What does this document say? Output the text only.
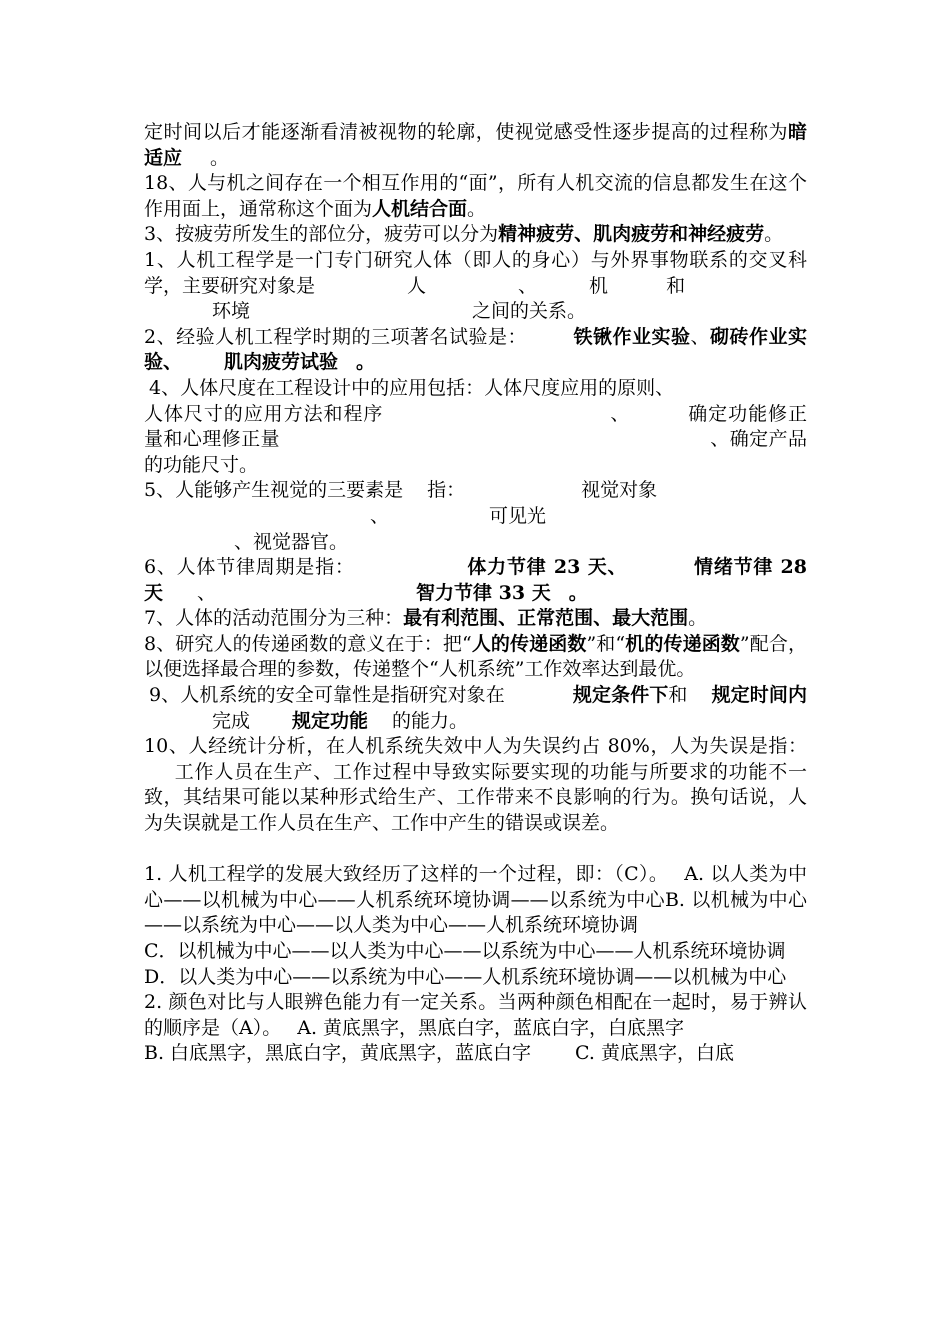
定时间以后才能逐渐看清被视物的轮廓，使视觉感受性逐步提高的过程称为暗适应 。

18、人与机之间存在一个相互作用的“面”，所有人机交流的信息都发生在这个作用面上，通常称这个面为人机结合面。

3、按疲劳所发生的部位分，疲劳可以分为精神疲劳、肌肉疲劳和神经疲劳。

1、人机工程学是一门专门研究人体（即人的身心）与外界事物联系的交叉科学，主要研究对象是	人	、	机	和
环境	之间的关系。

2、经验人机工程学时期的三项著名试验是： 铁锹作业实验、砌砖作业实验、 肌肉疲劳试验 。

4、人体尺度在工程设计中的应用包括：人体尺度应用的原则、
人体尺寸的应用方法和程序	、	确定功能修正量和心理修正量	、确定产品的功能尺寸。

5、人能够产生视觉的三要素是 指：	视觉对象
、	可见光
、视觉器官。

6、人体节律周期是指：	体力节律 23 天、	情绪节律 28 天 、	智力节律 33 天 。

7、人体的活动范围分为三种：最有利范围、正常范围、最大范围。

8、研究人的传递函数的意义在于：把“人的传递函数”和“机的传递函数”配合，以便选择最合理的参数，传递整个“人机系统”工作效率达到最优。

9、人机系统的安全可靠性是指研究对象在	规定条件下和 规定时间内完成 规定功能 的能力。

10、人经统计分析，在人机系统失效中人为失误约占 80%，人为失误是指：工作人员在生产、工作过程中导致实际要实现的功能与所要求的功能不一致，其结果可能以某种形式给生产、工作带来不良影响的行为。换句话说，人为失误就是工作人员在生产、工作中产生的错误或误差。

1. 人机工程学的发展大致经历了这样的一个过程，即：（C）。 A. 以人类为中心——以机械为中心——人机系统环境协调——以系统为中心B. 以机械为中心——以系统为中心——以人类为中心——人机系统环境协调

C．以机械为中心——以人类为中心——以系统为中心——人机系统环境协调

D．以人类为中心——以系统为中心——人机系统环境协调——以机械为中心

2. 颜色对比与人眼辨色能力有一定关系。当两种颜色相配在一起时，易于辨认的顺序是（A）。 A. 黄底黑字，黑底白字，蓝底白字，白底黑字

B. 白底黑字，黑底白字，黄底黑字，蓝底白字 C. 黄底黑字，白底
